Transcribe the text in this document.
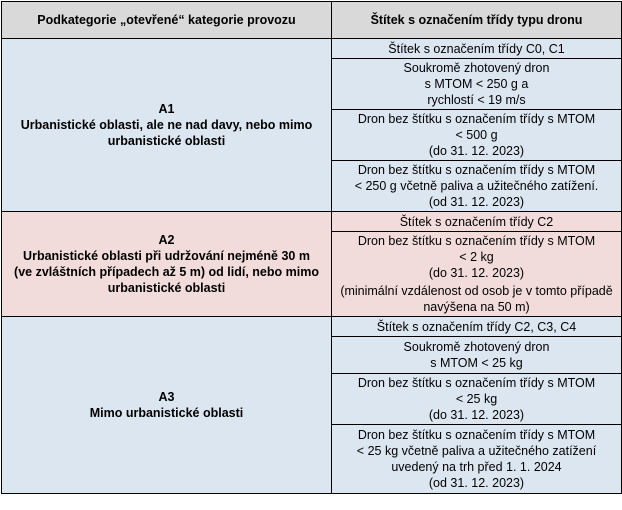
Podkategorie „otevřené“ kategorie provozu	Štítek s označením třídy typu dronu

A1
Urbanistické oblasti, ale ne nad davy, nebo mimo urbanistické oblasti	Štítek s označením třídy C0, C1

	Soukromě zhotovený dron
s MTOM < 250 g a
rychlostí < 19 m/s

	Dron bez štítku s označením třídy s MTOM
< 500 g
(do 31. 12. 2023)

	Dron bez štítku s označením třídy s MTOM
< 250 g včetně paliva a užitečného zatížení.
(od 31. 12. 2023)

A2
Urbanistické oblasti při udržování nejméně 30 m (ve zvláštních případech až 5 m) od lidí, nebo mimo urbanistické oblasti	Štítek s označením třídy C2

	Dron bez štítku s označením třídy s MTOM
< 2 kg
(do 31. 12. 2023)
(minimální vzdálenost od osob je v tomto případě navýšena na 50 m)

A3
Mimo urbanistické oblasti	Štítek s označením třídy C2, C3, C4

	Soukromě zhotovený dron
s MTOM < 25 kg

	Dron bez štítku s označením třídy s MTOM
< 25 kg
(do 31. 12. 2023)

	Dron bez štítku s označením třídy s MTOM
< 25 kg včetně paliva a užitečného zatížení uvedený na trh před 1. 1. 2024
(od 31. 12. 2023)
